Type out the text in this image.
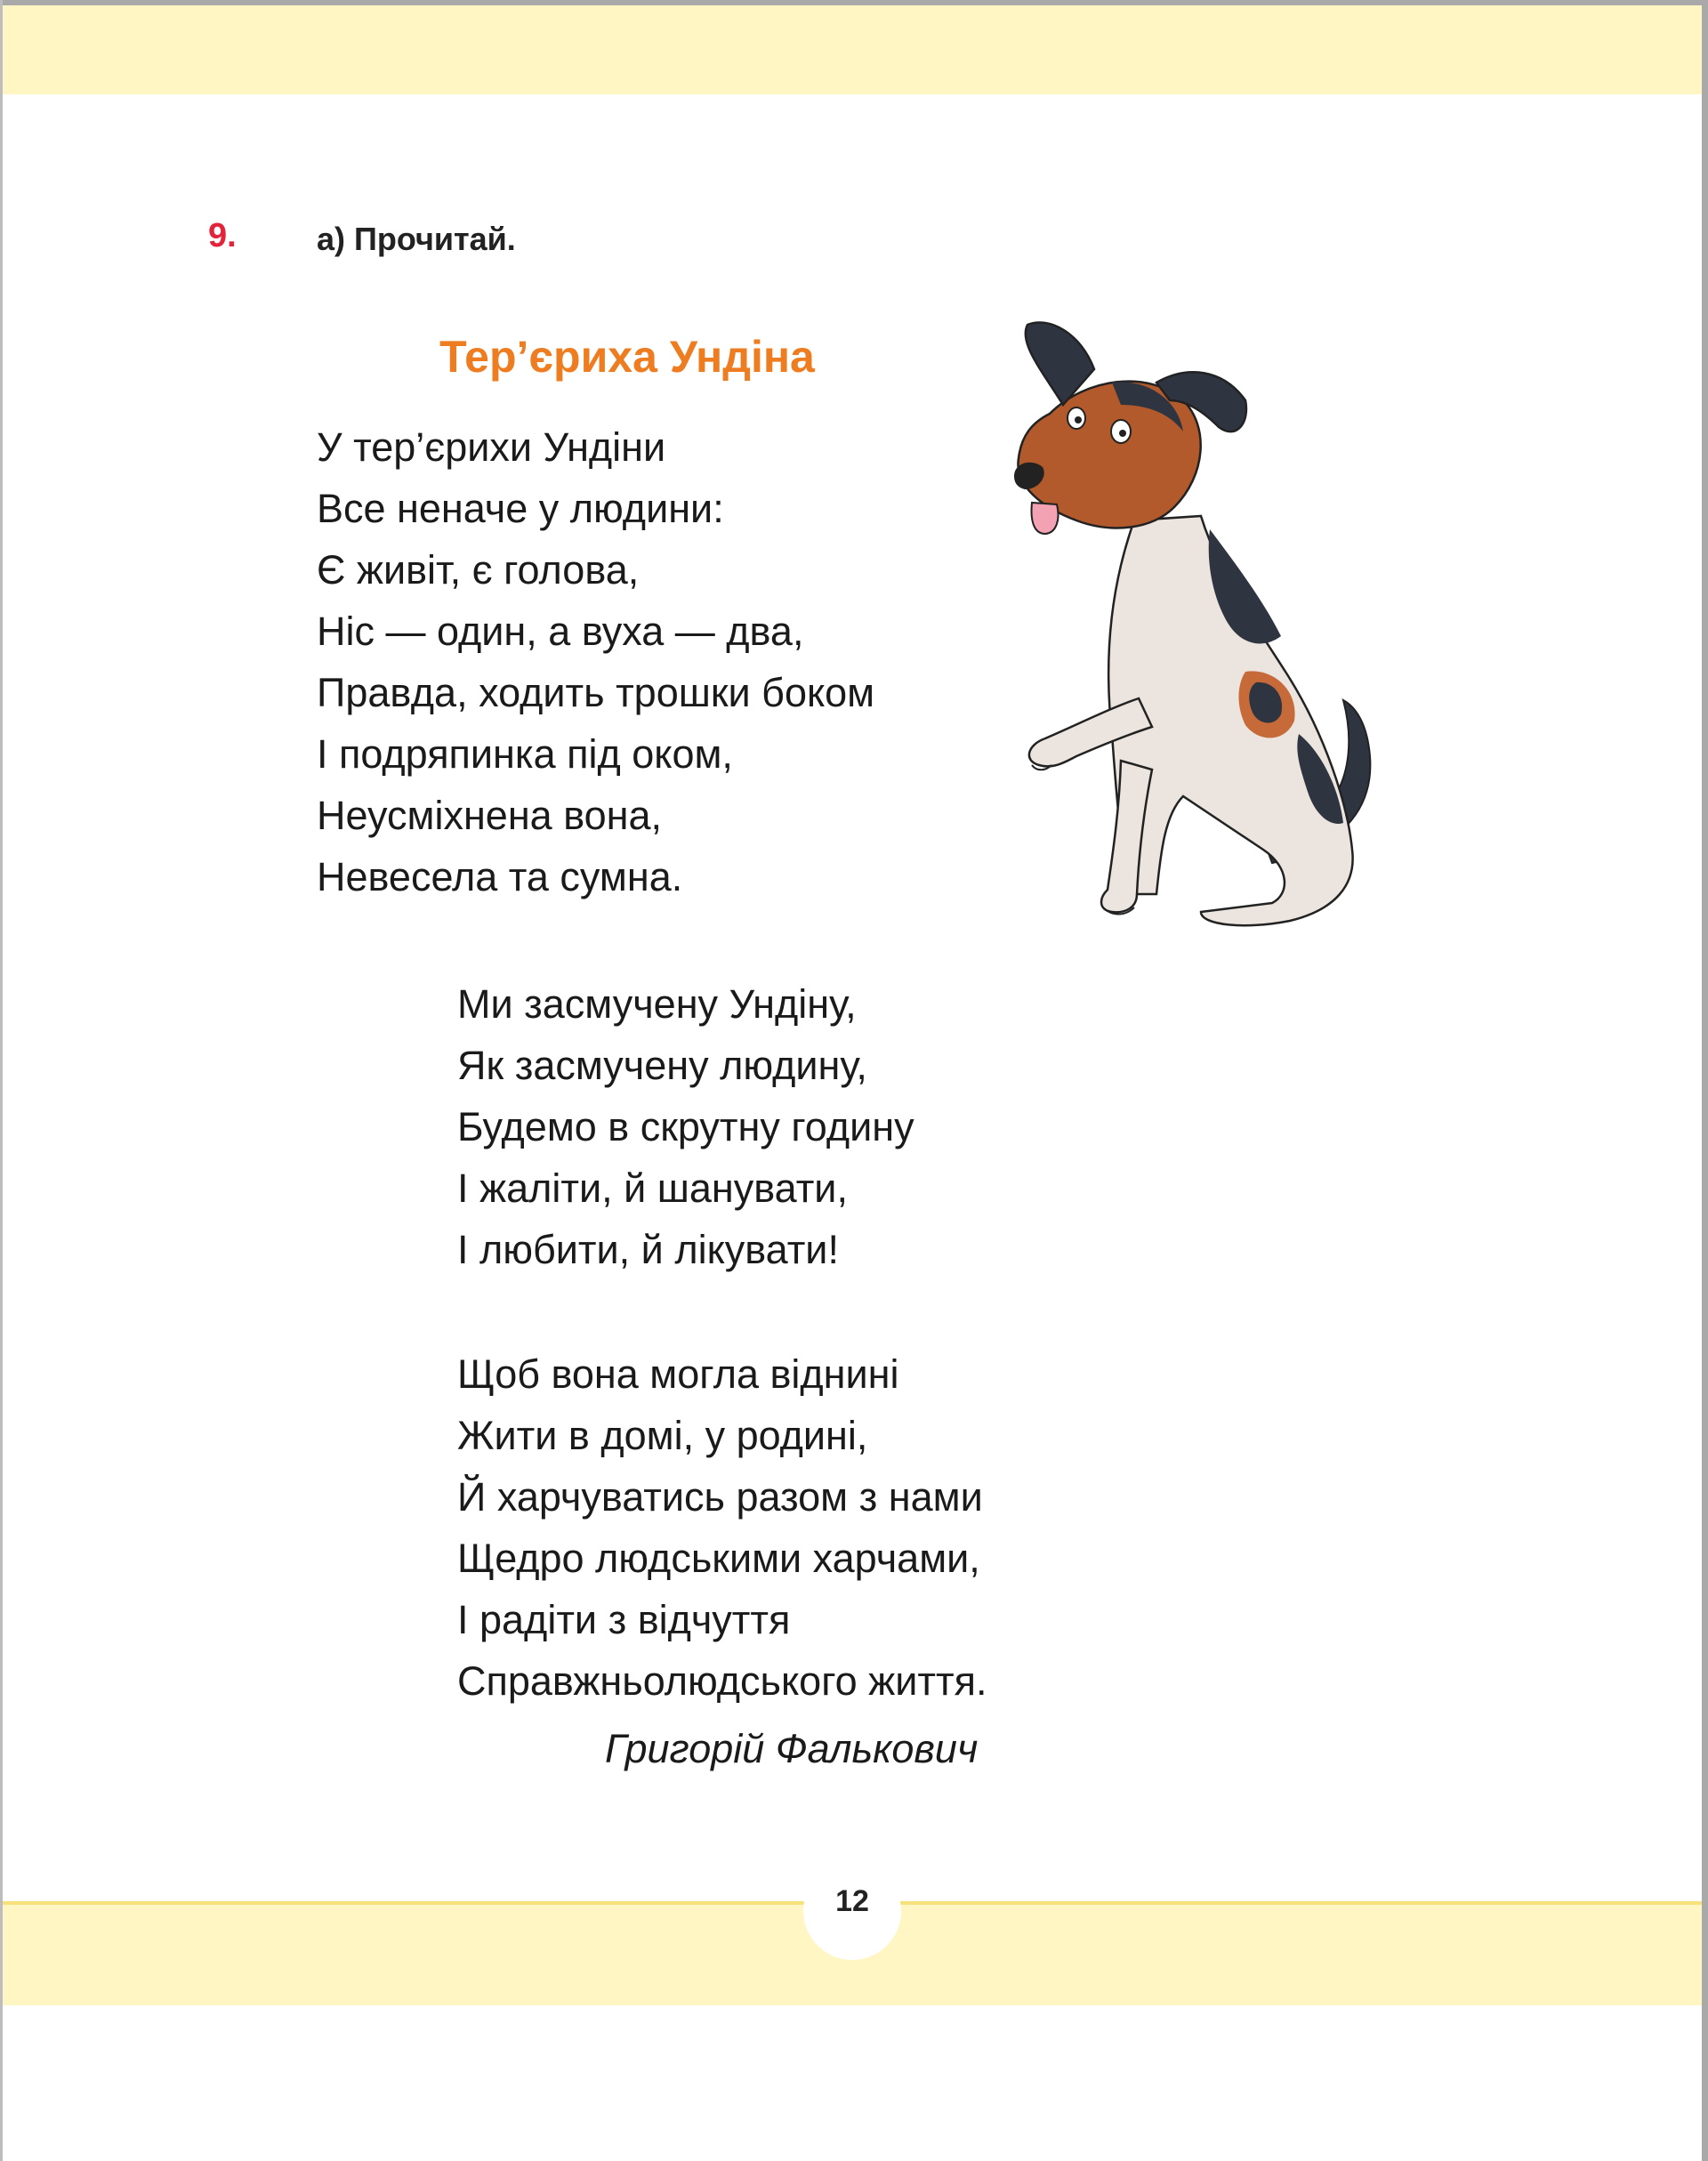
9.	а) Прочитай.
Тер’єриха Ундіна
У тер’єрихи Ундіни
Все неначе у людини:
Є живіт, є голова,
Ніс — один, а вуха — два,
Правда, ходить трошки боком
І подряпинка під оком,
Неусміхнена вона,
Невесела та сумна.
Ми засмучену Ундіну,
Як засмучену людину,
Будемо в скрутну годину
І жаліти, й шанувати,
І любити, й лікувати!
Щоб вона могла віднині
Жити в домі, у родині,
Й харчуватись разом з нами
Щедро людськими харчами,
І радіти з відчуття
Справжньолюдського життя.
Григорій Фалькович
12
